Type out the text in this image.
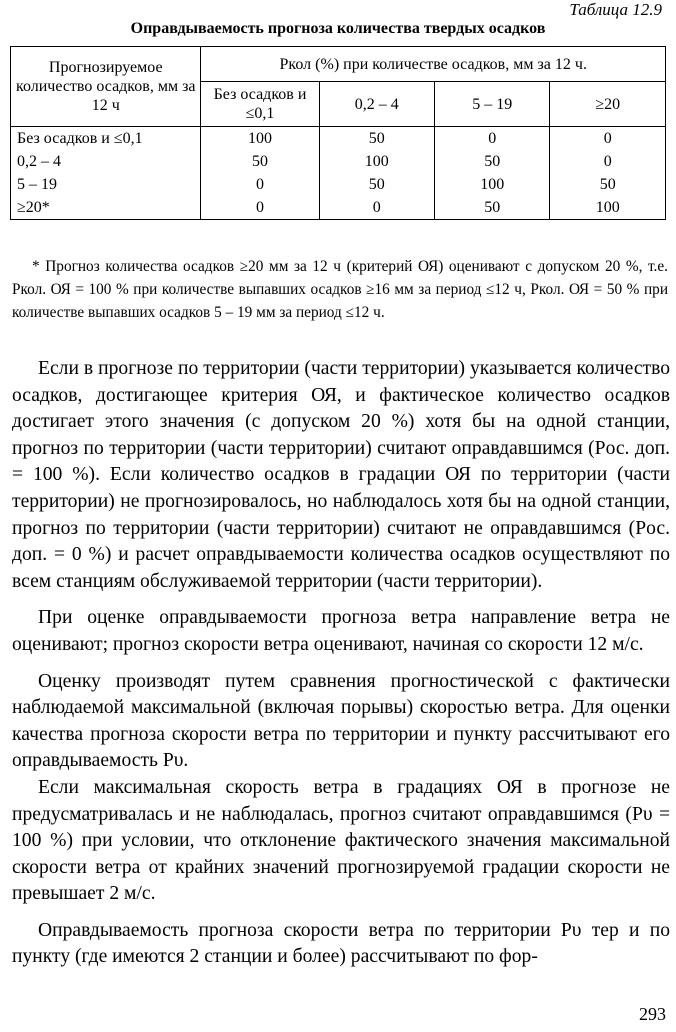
Таблица 12.9
Оправдываемость прогноза количества твердых осадков
Прогнозируемое количество осадков, мм за 12 ч	Pкол (%) при количестве осадков, мм за 12 ч.			
	Без осадков и ≤0,1	0,2 – 4	5 – 19	≥20
Без осадков и ≤0,1	100	50	0	0
0,2 – 4	50	100	50	0
5 – 19	0	50	100	50
≥20*	0	0	50	100

* Прогноз количества осадков ≥20 мм за 12 ч (критерий ОЯ) оценивают с допуском 20 %, т.е. Pкол. ОЯ = 100 % при количестве выпавших осадков ≥16 мм за период ≤12 ч, Pкол. ОЯ = 50 % при количестве выпавших осадков 5 – 19 мм за период ≤12 ч.

Если в прогнозе по территории (части территории) указывается количество осадков, достигающее критерия ОЯ, и фактическое количество осадков достигает этого значения (с допуском 20 %) хотя бы на одной станции, прогноз по территории (части территории) считают оправдавшимся (Pос. доп. = 100 %). Если количество осадков в градации ОЯ по территории (части территории) не прогнозировалось, но наблюдалось хотя бы на одной станции, прогноз по территории (части территории) считают не оправдавшимся (Pос. доп. = 0 %) и расчет оправдываемости количества осадков осуществляют по всем станциям обслуживаемой территории (части территории).

При оценке оправдываемости прогноза ветра направление ветра не оценивают; прогноз скорости ветра оценивают, начиная со скорости 12 м/с.

Оценку производят путем сравнения прогностической с фактически наблюдаемой максимальной (включая порывы) скоростью ветра. Для оценки качества прогноза скорости ветра по территории и пункту рассчитывают его оправдываемость Pυ.

Если максимальная скорость ветра в градациях ОЯ в прогнозе не предусматривалась и не наблюдалась, прогноз считают оправдавшимся (Pυ = 100 %) при условии, что отклонение фактического значения максимальной скорости ветра от крайних значений прогнозируемой градации скорости не превышает 2 м/с.

Оправдываемость прогноза скорости ветра по территории Pυ тер и по пункту (где имеются 2 станции и более) рассчитывают по фор-

293
